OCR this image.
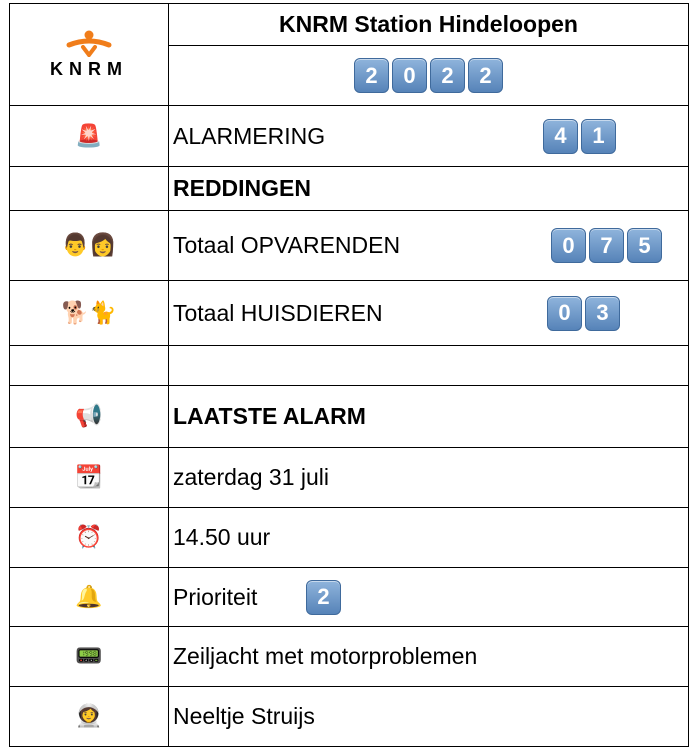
KNRM	KNRM Station Hindeloopen

2 0 2 2

🚨	ALARMERING 4 1

	REDDINGEN
👨👩	Totaal OPVARENDEN 0 7 5

🐕🐈	Totaal HUISDIEREN 0 3

📢	LAATSTE ALARM
📆	zaterdag 31 juli
⏰	14.50 uur
🔔	Prioriteit 2

📟	Zeiljacht met motorproblemen
👩‍🚀	Neeltje Struijs
